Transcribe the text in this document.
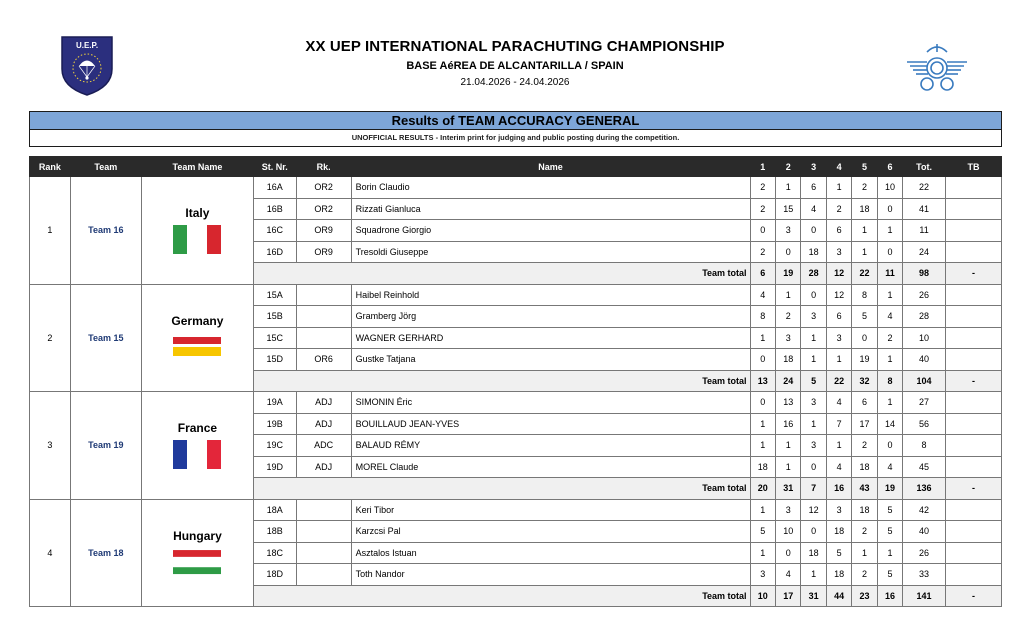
U.E.P.	XX UEP INTERNATIONAL PARACHUTING CHAMPIONSHIP
BASE AéREA DE ALCANTARILLA / SPAIN
21.04.2026 - 24.04.2026
Results of TEAM ACCURACY GENERAL
UNOFFICIAL RESULTS - Interim print for judging and public posting during the competition.
Rank	Team	Team Name	St. Nr.	Rk.	Name	1	2	3	4	5	6	Tot.	TB
1	Team 16	Italy	16A	OR2	Borin Claudio	2	1	6	1	2	10	22	
			16B	OR2	Rizzati Gianluca	2	15	4	2	18	0	41	
			16C	OR9	Squadrone Giorgio	0	3	0	6	1	1	11	
			16D	OR9	Tresoldi Giuseppe	2	0	18	3	1	0	24	
			Team total			6	19	28	12	22	11	98	-
2	Team 15	Germany	15A		Haibel Reinhold	4	1	0	12	8	1	26	
			15B		Gramberg Jörg	8	2	3	6	5	4	28	
			15C		WAGNER GERHARD	1	3	1	3	0	2	10	
			15D	OR6	Gustke Tatjana	0	18	1	1	19	1	40	
			Team total			13	24	5	22	32	8	104	-
3	Team 19	France	19A	ADJ	SIMONIN Éric	0	13	3	4	6	1	27	
			19B	ADJ	BOUILLAUD JEAN-YVES	1	16	1	7	17	14	56	
			19C	ADC	BALAUD RÉMY	1	1	3	1	2	0	8	
			19D	ADJ	MOREL Claude	18	1	0	4	18	4	45	
			Team total			20	31	7	16	43	19	136	-
4	Team 18	Hungary	18A		Keri Tibor	1	3	12	3	18	5	42	
			18B		Karzcsi Pal	5	10	0	18	2	5	40	
			18C		Asztalos Istuan	1	0	18	5	1	1	26	
			18D		Toth Nandor	3	4	1	18	2	5	33	
			Team total			10	17	31	44	23	16	141	-
